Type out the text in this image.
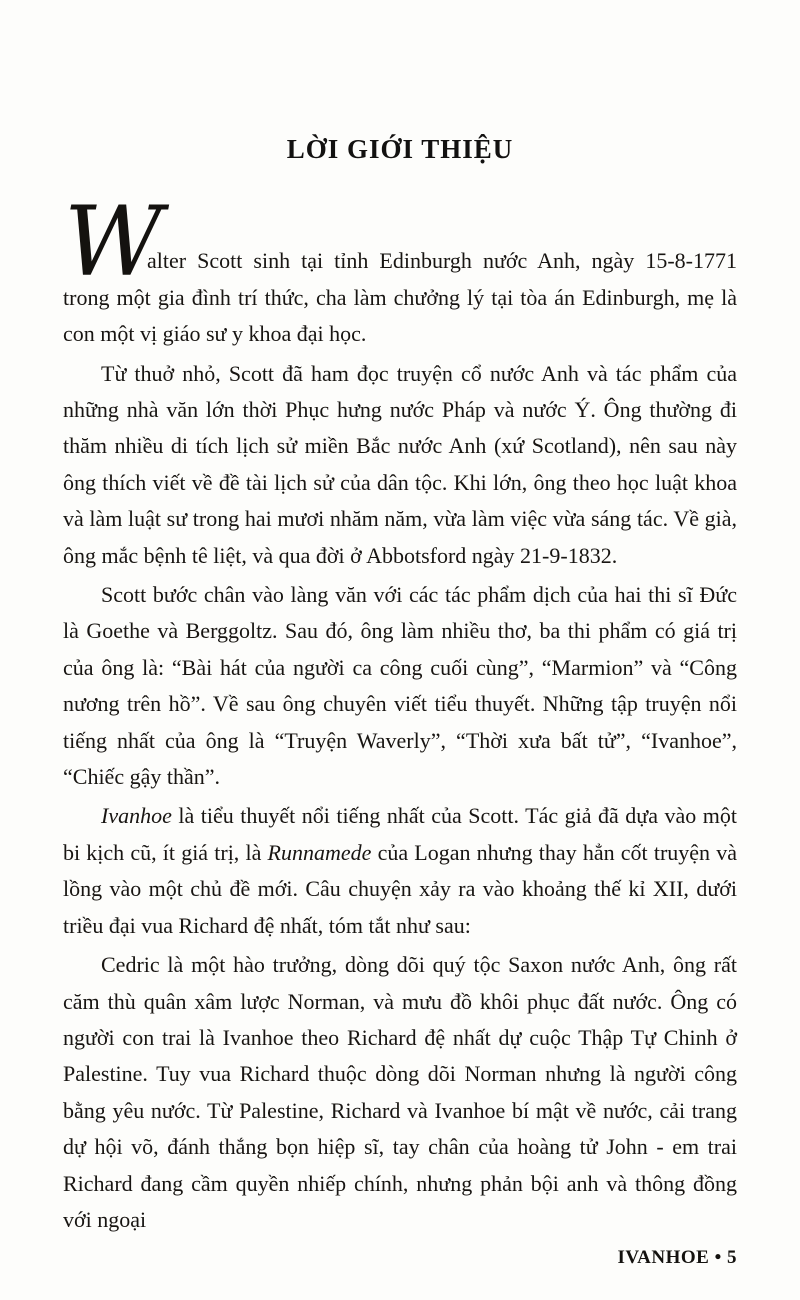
LỜI GIỚI THIỆU
W

alter Scott sinh tại tỉnh Edinburgh nước Anh, ngày 15-8-1771 trong một gia đình trí thức, cha làm chưởng lý tại tòa án Edinburgh, mẹ là con một vị giáo sư y khoa đại học.

Từ thuở nhỏ, Scott đã ham đọc truyện cổ nước Anh và tác phẩm của những nhà văn lớn thời Phục hưng nước Pháp và nước Ý. Ông thường đi thăm nhiều di tích lịch sử miền Bắc nước Anh (xứ Scotland), nên sau này ông thích viết về đề tài lịch sử của dân tộc. Khi lớn, ông theo học luật khoa và làm luật sư trong hai mươi nhăm năm, vừa làm việc vừa sáng tác. Về già, ông mắc bệnh tê liệt, và qua đời ở Abbotsford ngày 21-9-1832.

Scott bước chân vào làng văn với các tác phẩm dịch của hai thi sĩ Đức là Goethe và Berggoltz. Sau đó, ông làm nhiều thơ, ba thi phẩm có giá trị của ông là: “Bài hát của người ca công cuối cùng”, “Marmion” và “Công nương trên hồ”. Về sau ông chuyên viết tiểu thuyết. Những tập truyện nổi tiếng nhất của ông là “Truyện Waverly”, “Thời xưa bất tử”, “Ivanhoe”, “Chiếc gậy thần”.

Ivanhoe là tiểu thuyết nổi tiếng nhất của Scott. Tác giả đã dựa vào một bi kịch cũ, ít giá trị, là Runnamede của Logan nhưng thay hẳn cốt truyện và lồng vào một chủ đề mới. Câu chuyện xảy ra vào khoảng thế kỉ XII, dưới triều đại vua Richard đệ nhất, tóm tắt như sau:

Cedric là một hào trưởng, dòng dõi quý tộc Saxon nước Anh, ông rất căm thù quân xâm lược Norman, và mưu đồ khôi phục đất nước. Ông có người con trai là Ivanhoe theo Richard đệ nhất dự cuộc Thập Tự Chinh ở Palestine. Tuy vua Richard thuộc dòng dõi Norman nhưng là người công bằng yêu nước. Từ Palestine, Richard và Ivanhoe bí mật về nước, cải trang dự hội võ, đánh thắng bọn hiệp sĩ, tay chân của hoàng tử John - em trai Richard đang cầm quyền nhiếp chính, nhưng phản bội anh và thông đồng với ngoại

IVANHOE • 5
